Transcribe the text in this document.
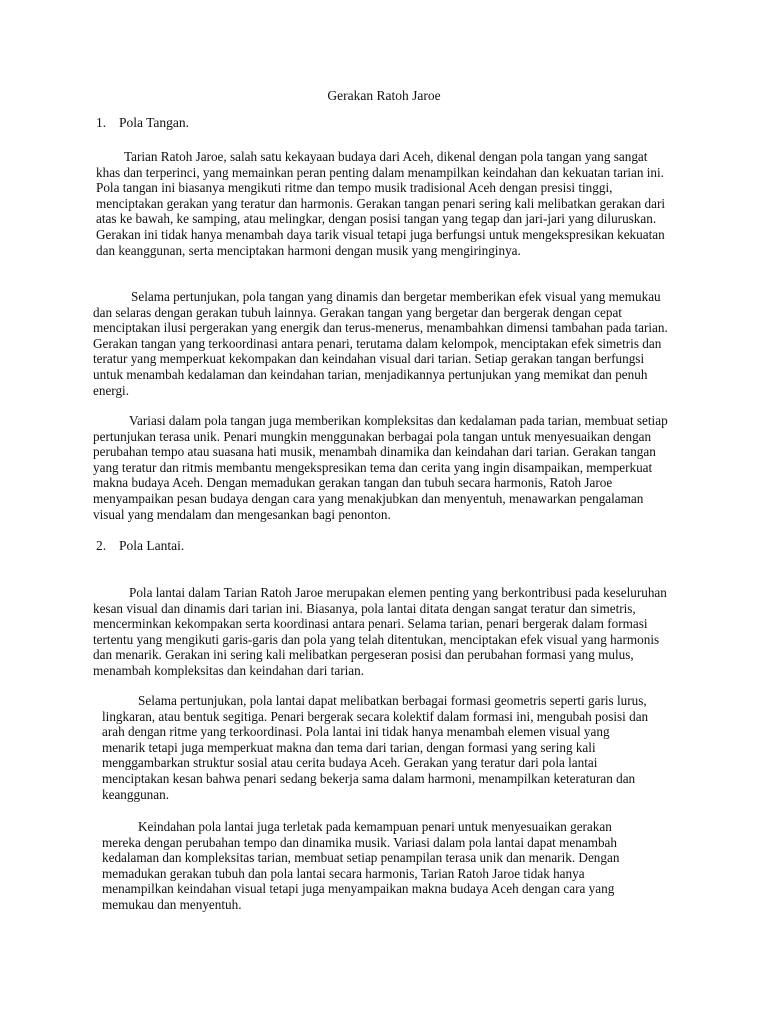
Gerakan Ratoh Jaroe
1. Pola Tangan.

Tarian Ratoh Jaroe, salah satu kekayaan budaya dari Aceh, dikenal dengan pola tangan yang sangat khas dan terperinci, yang memainkan peran penting dalam menampilkan keindahan dan kekuatan tarian ini. Pola tangan ini biasanya mengikuti ritme dan tempo musik tradisional Aceh dengan presisi tinggi, menciptakan gerakan yang teratur dan harmonis. Gerakan tangan penari sering kali melibatkan gerakan dari atas ke bawah, ke samping, atau melingkar, dengan posisi tangan yang tegap dan jari-jari yang diluruskan. Gerakan ini tidak hanya menambah daya tarik visual tetapi juga berfungsi untuk mengekspresikan kekuatan dan keanggunan, serta menciptakan harmoni dengan musik yang mengiringinya.

Selama pertunjukan, pola tangan yang dinamis dan bergetar memberikan efek visual yang memukau dan selaras dengan gerakan tubuh lainnya. Gerakan tangan yang bergetar dan bergerak dengan cepat menciptakan ilusi pergerakan yang energik dan terus-menerus, menambahkan dimensi tambahan pada tarian. Gerakan tangan yang terkoordinasi antara penari, terutama dalam kelompok, menciptakan efek simetris dan teratur yang memperkuat kekompakan dan keindahan visual dari tarian. Setiap gerakan tangan berfungsi untuk menambah kedalaman dan keindahan tarian, menjadikannya pertunjukan yang memikat dan penuh energi.

Variasi dalam pola tangan juga memberikan kompleksitas dan kedalaman pada tarian, membuat setiap pertunjukan terasa unik. Penari mungkin menggunakan berbagai pola tangan untuk menyesuaikan dengan perubahan tempo atau suasana hati musik, menambah dinamika dan keindahan dari tarian. Gerakan tangan yang teratur dan ritmis membantu mengekspresikan tema dan cerita yang ingin disampaikan, memperkuat makna budaya Aceh. Dengan memadukan gerakan tangan dan tubuh secara harmonis, Ratoh Jaroe menyampaikan pesan budaya dengan cara yang menakjubkan dan menyentuh, menawarkan pengalaman visual yang mendalam dan mengesankan bagi penonton.

2. Pola Lantai.

Pola lantai dalam Tarian Ratoh Jaroe merupakan elemen penting yang berkontribusi pada keseluruhan kesan visual dan dinamis dari tarian ini. Biasanya, pola lantai ditata dengan sangat teratur dan simetris, mencerminkan kekompakan serta koordinasi antara penari. Selama tarian, penari bergerak dalam formasi tertentu yang mengikuti garis-garis dan pola yang telah ditentukan, menciptakan efek visual yang harmonis dan menarik. Gerakan ini sering kali melibatkan pergeseran posisi dan perubahan formasi yang mulus, menambah kompleksitas dan keindahan dari tarian.

Selama pertunjukan, pola lantai dapat melibatkan berbagai formasi geometris seperti garis lurus, lingkaran, atau bentuk segitiga. Penari bergerak secara kolektif dalam formasi ini, mengubah posisi dan arah dengan ritme yang terkoordinasi. Pola lantai ini tidak hanya menambah elemen visual yang menarik tetapi juga memperkuat makna dan tema dari tarian, dengan formasi yang sering kali menggambarkan struktur sosial atau cerita budaya Aceh. Gerakan yang teratur dari pola lantai menciptakan kesan bahwa penari sedang bekerja sama dalam harmoni, menampilkan keteraturan dan keanggunan.

Keindahan pola lantai juga terletak pada kemampuan penari untuk menyesuaikan gerakan mereka dengan perubahan tempo dan dinamika musik. Variasi dalam pola lantai dapat menambah kedalaman dan kompleksitas tarian, membuat setiap penampilan terasa unik dan menarik. Dengan memadukan gerakan tubuh dan pola lantai secara harmonis, Tarian Ratoh Jaroe tidak hanya menampilkan keindahan visual tetapi juga menyampaikan makna budaya Aceh dengan cara yang memukau dan menyentuh.
